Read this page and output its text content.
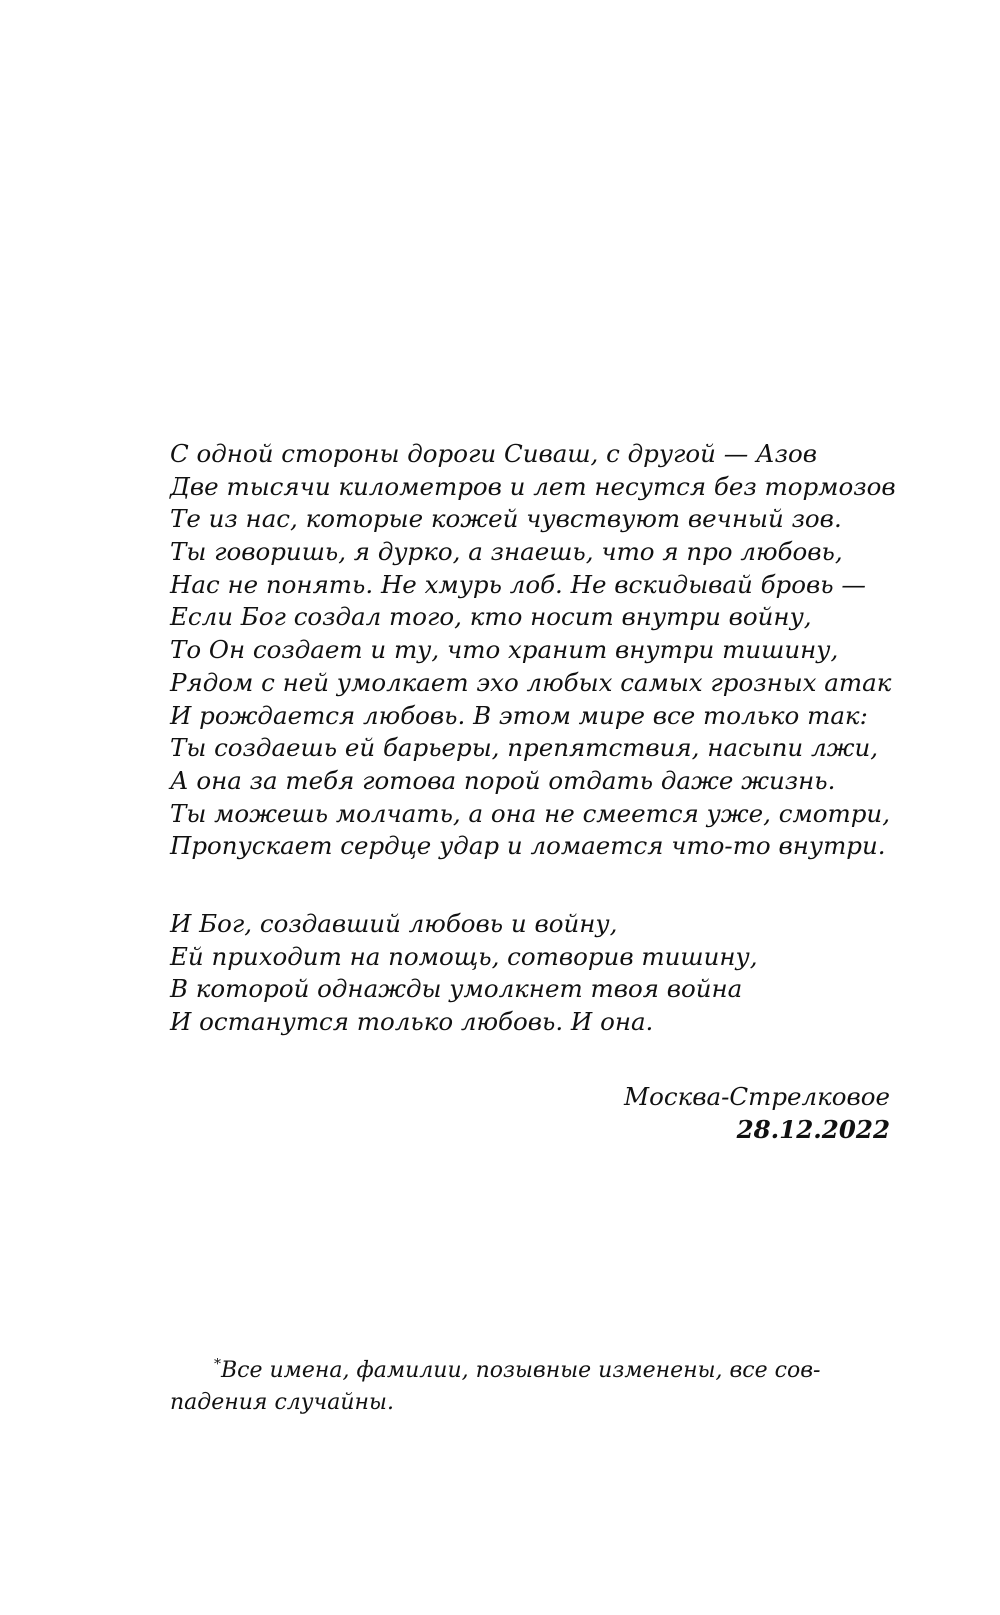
С одной стороны дороги Сиваш, с другой — Азов
Две тысячи километров и лет несутся без тормозов
Те из нас, которые кожей чувствуют вечный зов.
Ты говоришь, я дурко, а знаешь, что я про любовь,
Нас не понять. Не хмурь лоб. Не вскидывай бровь —
Если Бог создал того, кто носит внутри войну,
То Он создает и ту, что хранит внутри тишину,
Рядом с ней умолкает эхо любых самых грозных атак
И рождается любовь. В этом мире все только так:
Ты создаешь ей барьеры, препятствия, насыпи лжи,
А она за тебя готова порой отдать даже жизнь.
Ты можешь молчать, а она не смеется уже, смотри,
Пропускает сердце удар и ломается что-то внутри.
И Бог, создавший любовь и войну,
Ей приходит на помощь, сотворив тишину,
В которой однажды умолкнет твоя война
И останутся только любовь. И она.
Москва-Стрелковое
28.12.2022
*Все имена, фамилии, позывные изменены, все сов-
падения случайны.
